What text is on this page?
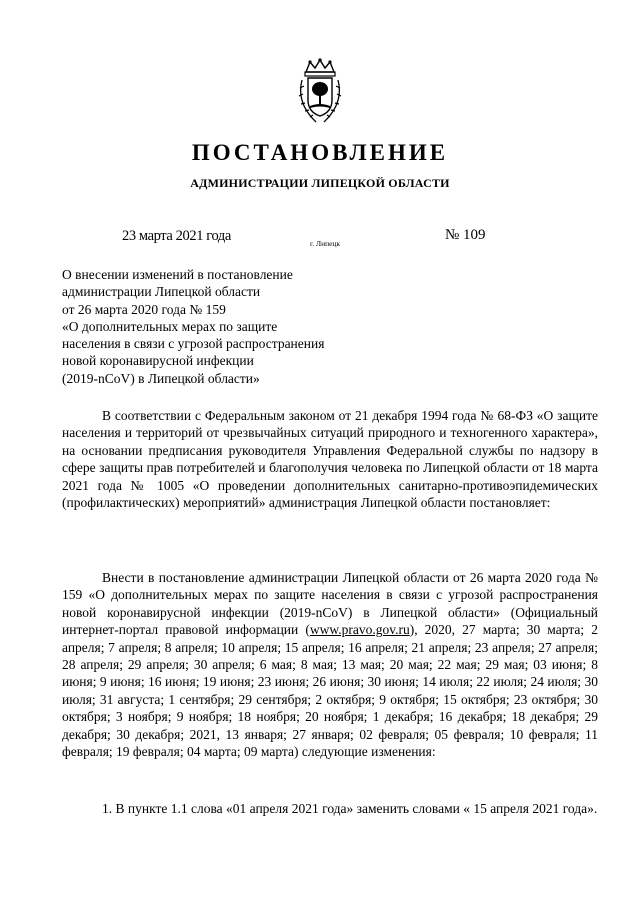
ПОСТАНОВЛЕНИЕ
АДМИНИСТРАЦИИ ЛИПЕЦКОЙ ОБЛАСТИ
23 марта 2021 года	г. Липецк
№ 109
О внесении изменений в постановление
администрации Липецкой области
от 26 марта 2020 года № 159
«О дополнительных мерах по защите
населения в связи с угрозой распространения
новой коронавирусной инфекции
(2019-nCoV) в Липецкой области»
В соответствии с Федеральным законом от 21 декабря 1994 года № 68-ФЗ «О защите населения и территорий от чрезвычайных ситуаций природного и техногенного характера», на основании предписания руководителя Управления Федеральной службы по надзору в сфере защиты прав потребителей и благополучия человека по Липецкой области от 18 марта 2021 года № 1005 «О проведении дополнительных санитарно-противоэпидемических (профилактических) мероприятий» администрация Липецкой области постановляет:
Внести в постановление администрации Липецкой области от 26 марта 2020 года № 159 «О дополнительных мерах по защите населения в связи с угрозой распространения новой коронавирусной инфекции (2019-nCoV) в Липецкой области» (Официальный интернет-портал правовой информации (www.pravo.gov.ru), 2020, 27 марта; 30 марта; 2 апреля; 7 апреля; 8 апреля; 10 апреля; 15 апреля; 16 апреля; 21 апреля; 23 апреля; 27 апреля; 28 апреля; 29 апреля; 30 апреля; 6 мая; 8 мая; 13 мая; 20 мая; 22 мая; 29 мая; 03 июня; 8 июня; 9 июня; 16 июня; 19 июня; 23 июня; 26 июня; 30 июня; 14 июля; 22 июля; 24 июля; 30 июля; 31 августа; 1 сентября; 29 сентября; 2 октября; 9 октября; 15 октября; 23 октября; 30 октября; 3 ноября; 9 ноября; 18 ноября; 20 ноября; 1 декабря; 16 декабря; 18 декабря; 29 декабря; 30 декабря; 2021, 13 января; 27 января; 02 февраля; 05 февраля; 10 февраля; 11 февраля; 19 февраля; 04 марта; 09 марта) следующие изменения:
1. В пункте 1.1 слова «01 апреля 2021 года» заменить словами « 15 апреля 2021 года».
